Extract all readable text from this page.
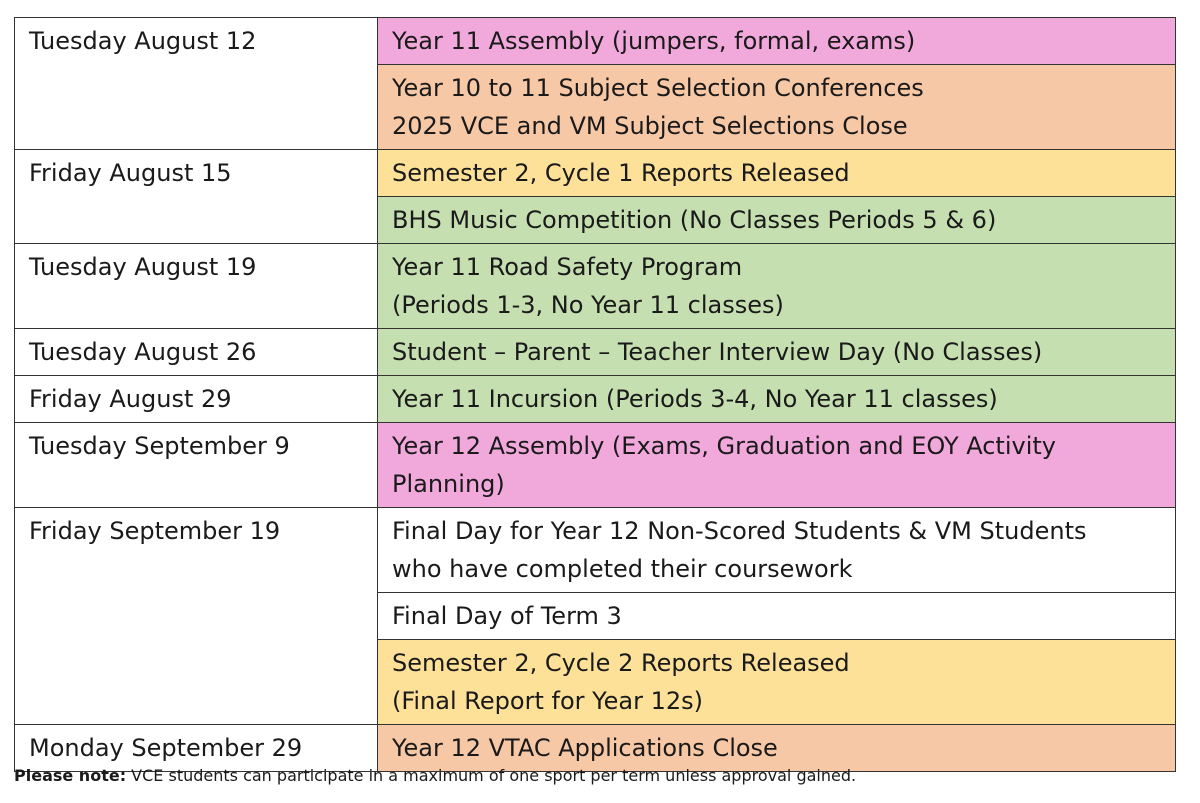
Tuesday August 12	Year 11 Assembly (jumpers, formal, exams)
	Year 10 to 11 Subject Selection Conferences
2025 VCE and VM Subject Selections Close
Friday August 15	Semester 2, Cycle 1 Reports Released
	BHS Music Competition (No Classes Periods 5 & 6)
Tuesday August 19	Year 11 Road Safety Program
(Periods 1-3, No Year 11 classes)
Tuesday August 26	Student – Parent – Teacher Interview Day (No Classes)
Friday August 29	Year 11 Incursion (Periods 3-4, No Year 11 classes)
Tuesday September 9	Year 12 Assembly (Exams, Graduation and EOY Activity
Planning)
Friday September 19	Final Day for Year 12 Non-Scored Students & VM Students
who have completed their coursework
	Final Day of Term 3
	Semester 2, Cycle 2 Reports Released
(Final Report for Year 12s)
Monday September 29	Year 12 VTAC Applications Close
Please note: VCE students can participate in a maximum of one sport per term unless approval gained.
